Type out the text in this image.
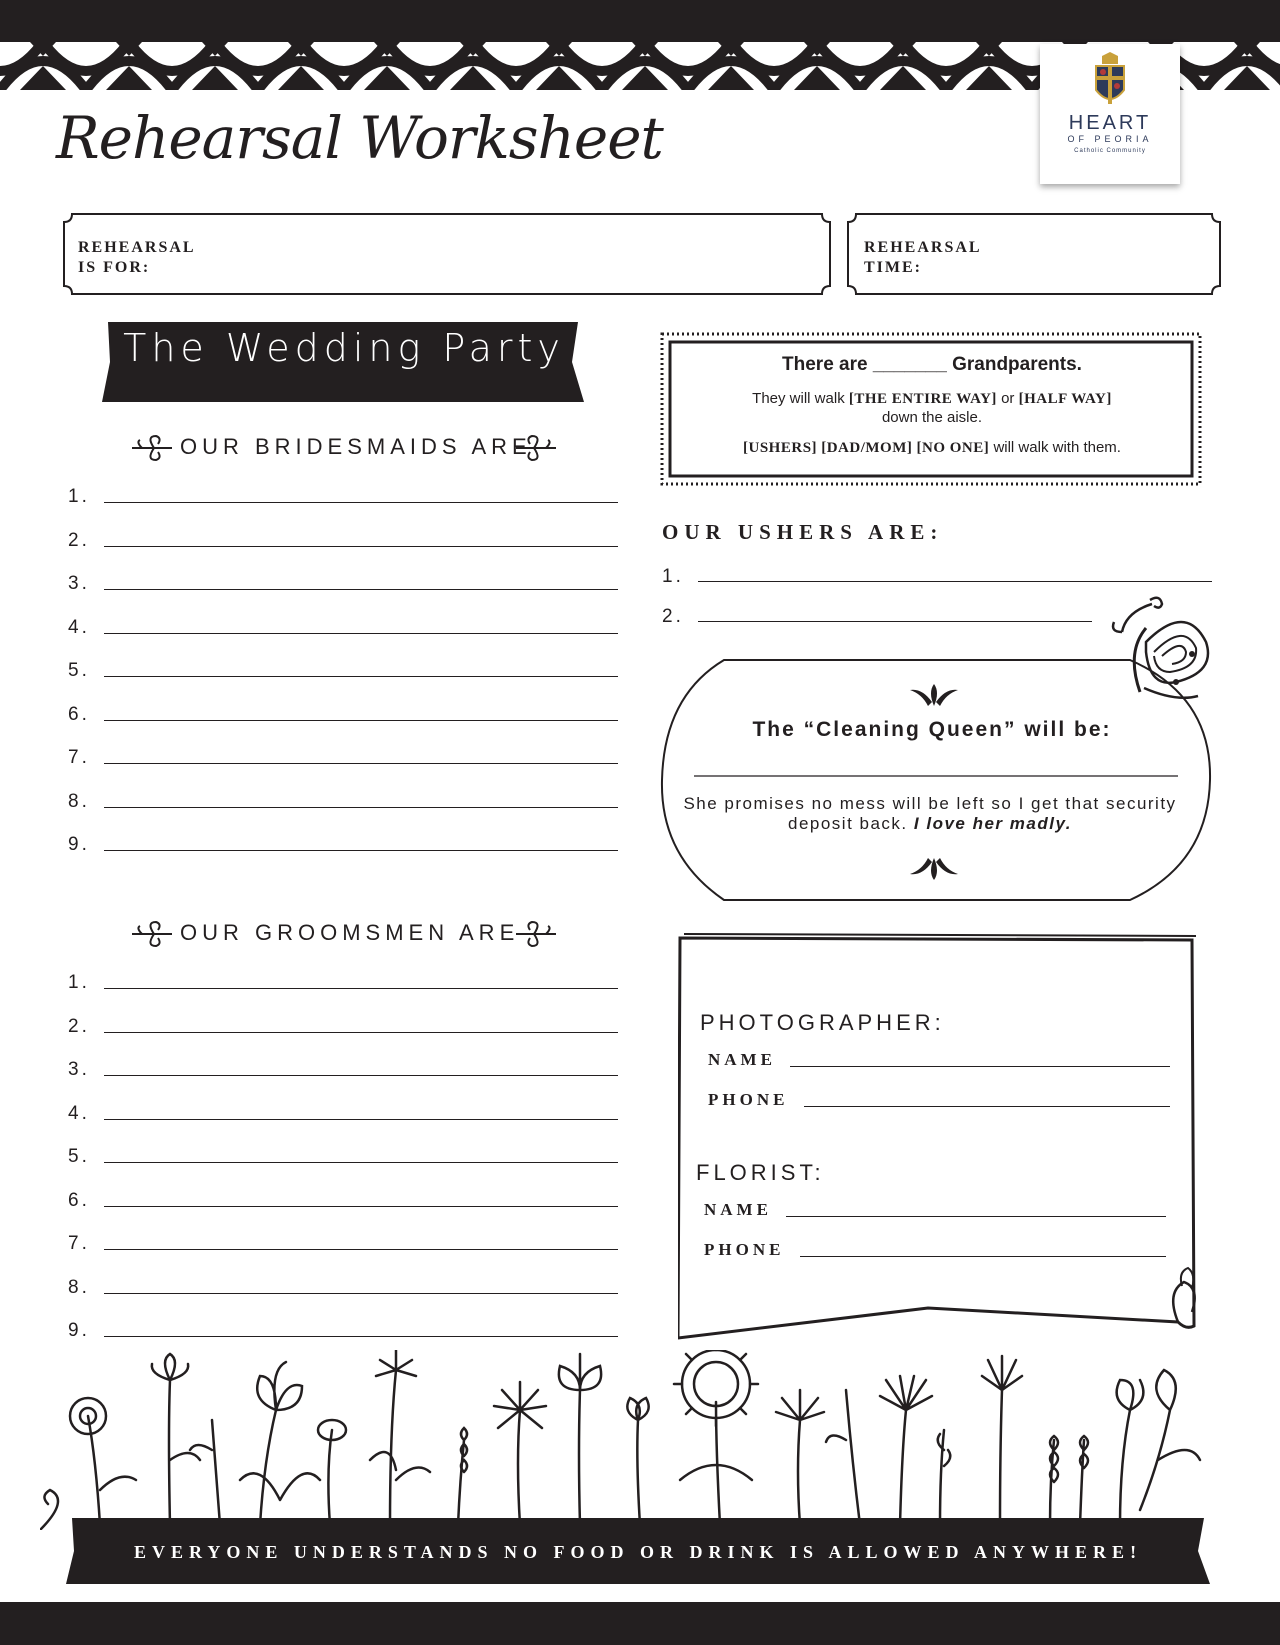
HEART
OF PEORIA
Catholic Community
Rehearsal Worksheet
REHEARSAL
IS FOR:
REHEARSAL
TIME:
The Wedding Party
OUR BRIDESMAIDS ARE
1.
2.
3.
4.
5.
6.
7.
8.
9.
OUR GROOMSMEN ARE
1.
2.
3.
4.
5.
6.
7.
8.
9.
There are _______ Grandparents.
They will walk [THE ENTIRE WAY] or [HALF WAY]
down the aisle.
[USHERS] [DAD/MOM] [NO ONE] will walk with them.
OUR USHERS ARE:
1.
2.
The “Cleaning Queen” will be:
She promises no mess will be left so I get that security deposit back. I love her madly.
PHOTOGRAPHER:
NAME
PHONE
FLORIST:
NAME
PHONE
EVERYONE UNDERSTANDS NO FOOD OR DRINK IS ALLOWED ANYWHERE!
